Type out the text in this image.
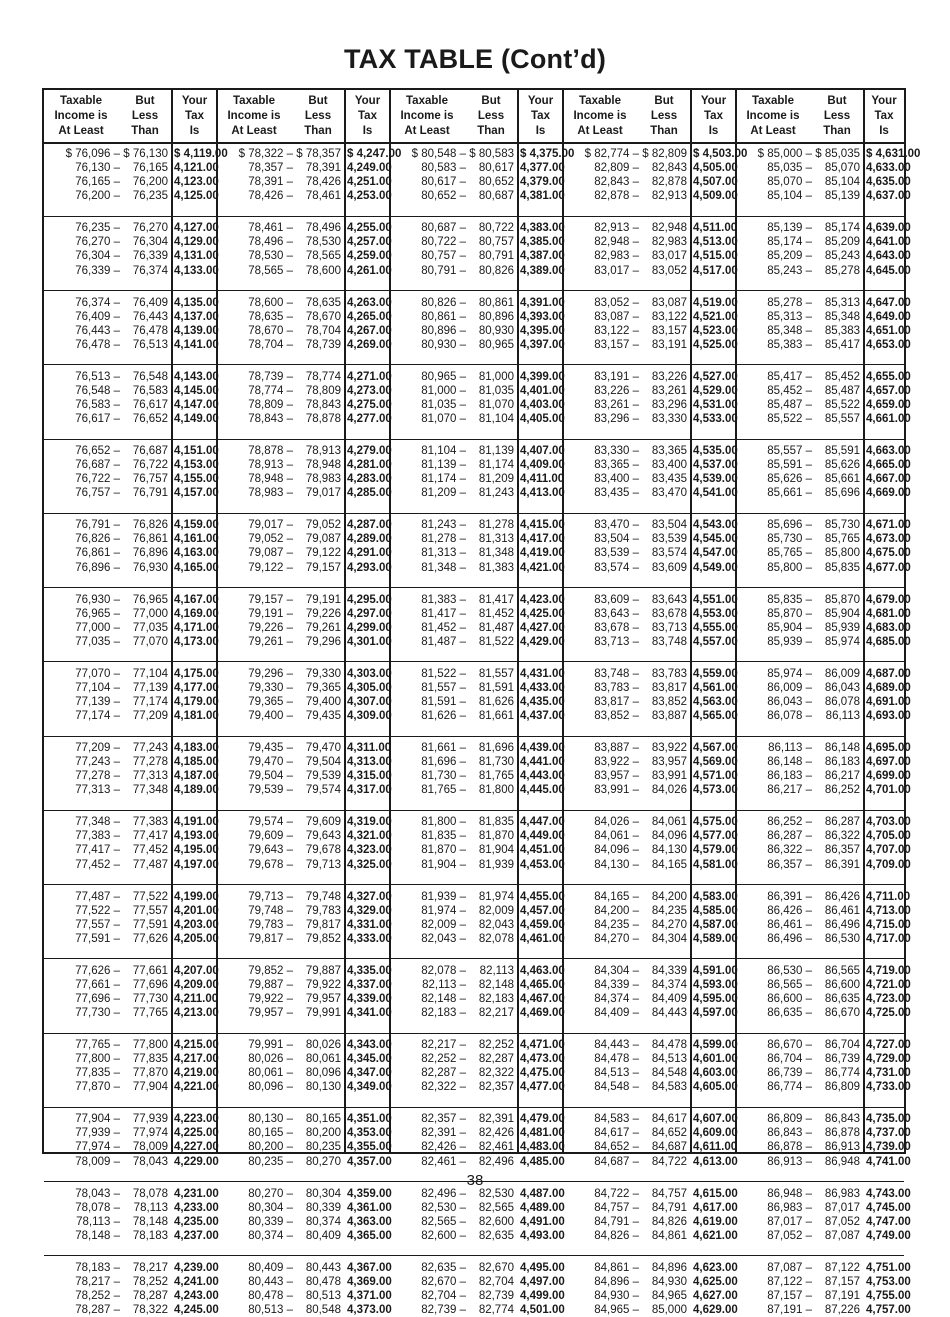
TAX TABLE (Cont’d)
Taxable
Income is
At Least
But
Less
Than
Your
Tax
Is
$ 76,096 – $ 76,130 $ 4,119.00
76,130 –	76,165 4,121.00
76,165 –	76,200 4,123.00
76,200 –	76,235 4,125.00
76,235 –	76,270 4,127.00
76,270 –	76,304 4,129.00
76,304 –	76,339 4,131.00
76,339 –	76,374 4,133.00
76,374 –	76,409 4,135.00
76,409 –	76,443 4,137.00
76,443 –	76,478 4,139.00
76,478 –	76,513 4,141.00
76,513 –	76,548 4,143.00
76,548 –	76,583 4,145.00
76,583 –	76,617 4,147.00
76,617 –	76,652 4,149.00
76,652 –	76,687 4,151.00
76,687 –	76,722 4,153.00
76,722 –	76,757 4,155.00
76,757 –	76,791 4,157.00
76,791 –	76,826 4,159.00
76,826 –	76,861 4,161.00
76,861 –	76,896 4,163.00
76,896 –	76,930 4,165.00
76,930 –	76,965 4,167.00
76,965 –	77,000 4,169.00
77,000 –	77,035 4,171.00
77,035 –	77,070 4,173.00
77,070 –	77,104 4,175.00
77,104 –	77,139 4,177.00
77,139 –	77,174 4,179.00
77,174 –	77,209 4,181.00
77,209 –	77,243 4,183.00
77,243 –	77,278 4,185.00
77,278 –	77,313 4,187.00
77,313 –	77,348 4,189.00
77,348 –	77,383 4,191.00
77,383 –	77,417 4,193.00
77,417 –	77,452 4,195.00
77,452 –	77,487 4,197.00
77,487 –	77,522 4,199.00
77,522 –	77,557 4,201.00
77,557 –	77,591 4,203.00
77,591 –	77,626 4,205.00
77,626 –	77,661 4,207.00
77,661 –	77,696 4,209.00
77,696 –	77,730 4,211.00
77,730 –	77,765 4,213.00
77,765 –	77,800 4,215.00
77,800 –	77,835 4,217.00
77,835 –	77,870 4,219.00
77,870 –	77,904 4,221.00
77,904 –	77,939 4,223.00
77,939 –	77,974 4,225.00
77,974 –	78,009 4,227.00
78,009 –	78,043 4,229.00
78,043 –	78,078 4,231.00
78,078 –	78,113 4,233.00
78,113 –	78,148 4,235.00
78,148 –	78,183 4,237.00
78,183 –	78,217 4,239.00
78,217 –	78,252 4,241.00
78,252 –	78,287 4,243.00
78,287 –	78,322 4,245.00
Taxable
Income is
At Least
But
Less
Than
Your
Tax
Is
$ 78,322 – $ 78,357 $ 4,247.00
78,357 –	78,391 4,249.00
78,391 –	78,426 4,251.00
78,426 –	78,461 4,253.00
78,461 –	78,496 4,255.00
78,496 –	78,530 4,257.00
78,530 –	78,565 4,259.00
78,565 –	78,600 4,261.00
78,600 –	78,635 4,263.00
78,635 –	78,670 4,265.00
78,670 –	78,704 4,267.00
78,704 –	78,739 4,269.00
78,739 –	78,774 4,271.00
78,774 –	78,809 4,273.00
78,809 –	78,843 4,275.00
78,843 –	78,878 4,277.00
78,878 –	78,913 4,279.00
78,913 –	78,948 4,281.00
78,948 –	78,983 4,283.00
78,983 –	79,017 4,285.00
79,017 –	79,052 4,287.00
79,052 –	79,087 4,289.00
79,087 –	79,122 4,291.00
79,122 –	79,157 4,293.00
79,157 –	79,191 4,295.00
79,191 –	79,226 4,297.00
79,226 –	79,261 4,299.00
79,261 –	79,296 4,301.00
79,296 –	79,330 4,303.00
79,330 –	79,365 4,305.00
79,365 –	79,400 4,307.00
79,400 –	79,435 4,309.00
79,435 –	79,470 4,311.00
79,470 –	79,504 4,313.00
79,504 –	79,539 4,315.00
79,539 –	79,574 4,317.00
79,574 –	79,609 4,319.00
79,609 –	79,643 4,321.00
79,643 –	79,678 4,323.00
79,678 –	79,713 4,325.00
79,713 –	79,748 4,327.00
79,748 –	79,783 4,329.00
79,783 –	79,817 4,331.00
79,817 –	79,852 4,333.00
79,852 –	79,887 4,335.00
79,887 –	79,922 4,337.00
79,922 –	79,957 4,339.00
79,957 –	79,991 4,341.00
79,991 –	80,026 4,343.00
80,026 –	80,061 4,345.00
80,061 –	80,096 4,347.00
80,096 –	80,130 4,349.00
80,130 –	80,165 4,351.00
80,165 –	80,200 4,353.00
80,200 –	80,235 4,355.00
80,235 –	80,270 4,357.00
80,270 –	80,304 4,359.00
80,304 –	80,339 4,361.00
80,339 –	80,374 4,363.00
80,374 –	80,409 4,365.00
80,409 –	80,443 4,367.00
80,443 –	80,478 4,369.00
80,478 –	80,513 4,371.00
80,513 –	80,548 4,373.00
Taxable
Income is
At Least
But
Less
Than
Your
Tax
Is
$ 80,548 – $ 80,583 $ 4,375.00
80,583 –	80,617 4,377.00
80,617 –	80,652 4,379.00
80,652 –	80,687 4,381.00
80,687 –	80,722 4,383.00
80,722 –	80,757 4,385.00
80,757 –	80,791 4,387.00
80,791 –	80,826 4,389.00
80,826 –	80,861 4,391.00
80,861 –	80,896 4,393.00
80,896 –	80,930 4,395.00
80,930 –	80,965 4,397.00
80,965 –	81,000 4,399.00
81,000 –	81,035 4,401.00
81,035 –	81,070 4,403.00
81,070 –	81,104 4,405.00
81,104 –	81,139 4,407.00
81,139 –	81,174 4,409.00
81,174 –	81,209 4,411.00
81,209 –	81,243 4,413.00
81,243 –	81,278 4,415.00
81,278 –	81,313 4,417.00
81,313 –	81,348 4,419.00
81,348 –	81,383 4,421.00
81,383 –	81,417 4,423.00
81,417 –	81,452 4,425.00
81,452 –	81,487 4,427.00
81,487 –	81,522 4,429.00
81,522 –	81,557 4,431.00
81,557 –	81,591 4,433.00
81,591 –	81,626 4,435.00
81,626 –	81,661 4,437.00
81,661 –	81,696 4,439.00
81,696 –	81,730 4,441.00
81,730 –	81,765 4,443.00
81,765 –	81,800 4,445.00
81,800 –	81,835 4,447.00
81,835 –	81,870 4,449.00
81,870 –	81,904 4,451.00
81,904 –	81,939 4,453.00
81,939 –	81,974 4,455.00
81,974 –	82,009 4,457.00
82,009 –	82,043 4,459.00
82,043 –	82,078 4,461.00
82,078 –	82,113 4,463.00
82,113 –	82,148 4,465.00
82,148 –	82,183 4,467.00
82,183 –	82,217 4,469.00
82,217 –	82,252 4,471.00
82,252 –	82,287 4,473.00
82,287 –	82,322 4,475.00
82,322 –	82,357 4,477.00
82,357 –	82,391 4,479.00
82,391 –	82,426 4,481.00
82,426 –	82,461 4,483.00
82,461 –	82,496 4,485.00
82,496 –	82,530 4,487.00
82,530 –	82,565 4,489.00
82,565 –	82,600 4,491.00
82,600 –	82,635 4,493.00
82,635 –	82,670 4,495.00
82,670 –	82,704 4,497.00
82,704 –	82,739 4,499.00
82,739 –	82,774 4,501.00
Taxable
Income is
At Least
But
Less
Than
Your
Tax
Is
$ 82,774 – $ 82,809 $ 4,503.00
82,809 –	82,843 4,505.00
82,843 –	82,878 4,507.00
82,878 –	82,913 4,509.00
82,913 –	82,948 4,511.00
82,948 –	82,983 4,513.00
82,983 –	83,017 4,515.00
83,017 –	83,052 4,517.00
83,052 –	83,087 4,519.00
83,087 –	83,122 4,521.00
83,122 –	83,157 4,523.00
83,157 –	83,191 4,525.00
83,191 –	83,226 4,527.00
83,226 –	83,261 4,529.00
83,261 –	83,296 4,531.00
83,296 –	83,330 4,533.00
83,330 –	83,365 4,535.00
83,365 –	83,400 4,537.00
83,400 –	83,435 4,539.00
83,435 –	83,470 4,541.00
83,470 –	83,504 4,543.00
83,504 –	83,539 4,545.00
83,539 –	83,574 4,547.00
83,574 –	83,609 4,549.00
83,609 –	83,643 4,551.00
83,643 –	83,678 4,553.00
83,678 –	83,713 4,555.00
83,713 –	83,748 4,557.00
83,748 –	83,783 4,559.00
83,783 –	83,817 4,561.00
83,817 –	83,852 4,563.00
83,852 –	83,887 4,565.00
83,887 –	83,922 4,567.00
83,922 –	83,957 4,569.00
83,957 –	83,991 4,571.00
83,991 –	84,026 4,573.00
84,026 –	84,061 4,575.00
84,061 –	84,096 4,577.00
84,096 –	84,130 4,579.00
84,130 –	84,165 4,581.00
84,165 –	84,200 4,583.00
84,200 –	84,235 4,585.00
84,235 –	84,270 4,587.00
84,270 –	84,304 4,589.00
84,304 –	84,339 4,591.00
84,339 –	84,374 4,593.00
84,374 –	84,409 4,595.00
84,409 –	84,443 4,597.00
84,443 –	84,478 4,599.00
84,478 –	84,513 4,601.00
84,513 –	84,548 4,603.00
84,548 –	84,583 4,605.00
84,583 –	84,617 4,607.00
84,617 –	84,652 4,609.00
84,652 –	84,687 4,611.00
84,687 –	84,722 4,613.00
84,722 –	84,757 4,615.00
84,757 –	84,791 4,617.00
84,791 –	84,826 4,619.00
84,826 –	84,861 4,621.00
84,861 –	84,896 4,623.00
84,896 –	84,930 4,625.00
84,930 –	84,965 4,627.00
84,965 –	85,000 4,629.00
Taxable
Income is
At Least
But
Less
Than
Your
Tax
Is
$ 85,000 – $ 85,035 $ 4,631.00
85,035 –	85,070 4,633.00
85,070 –	85,104 4,635.00
85,104 –	85,139 4,637.00
85,139 –	85,174 4,639.00
85,174 –	85,209 4,641.00
85,209 –	85,243 4,643.00
85,243 –	85,278 4,645.00
85,278 –	85,313 4,647.00
85,313 –	85,348 4,649.00
85,348 –	85,383 4,651.00
85,383 –	85,417 4,653.00
85,417 –	85,452 4,655.00
85,452 –	85,487 4,657.00
85,487 –	85,522 4,659.00
85,522 –	85,557 4,661.00
85,557 –	85,591 4,663.00
85,591 –	85,626 4,665.00
85,626 –	85,661 4,667.00
85,661 –	85,696 4,669.00
85,696 –	85,730 4,671.00
85,730 –	85,765 4,673.00
85,765 –	85,800 4,675.00
85,800 –	85,835 4,677.00
85,835 –	85,870 4,679.00
85,870 –	85,904 4,681.00
85,904 –	85,939 4,683.00
85,939 –	85,974 4,685.00
85,974 –	86,009 4,687.00
86,009 –	86,043 4,689.00
86,043 –	86,078 4,691.00
86,078 –	86,113 4,693.00
86,113 –	86,148 4,695.00
86,148 –	86,183 4,697.00
86,183 –	86,217 4,699.00
86,217 –	86,252 4,701.00
86,252 –	86,287 4,703.00
86,287 –	86,322 4,705.00
86,322 –	86,357 4,707.00
86,357 –	86,391 4,709.00
86,391 –	86,426 4,711.00
86,426 –	86,461 4,713.00
86,461 –	86,496 4,715.00
86,496 –	86,530 4,717.00
86,530 –	86,565 4,719.00
86,565 –	86,600 4,721.00
86,600 –	86,635 4,723.00
86,635 –	86,670 4,725.00
86,670 –	86,704 4,727.00
86,704 –	86,739 4,729.00
86,739 –	86,774 4,731.00
86,774 –	86,809 4,733.00
86,809 –	86,843 4,735.00
86,843 –	86,878 4,737.00
86,878 –	86,913 4,739.00
86,913 –	86,948 4,741.00
86,948 –	86,983 4,743.00
86,983 –	87,017 4,745.00
87,017 –	87,052 4,747.00
87,052 –	87,087 4,749.00
87,087 –	87,122 4,751.00
87,122 –	87,157 4,753.00
87,157 –	87,191 4,755.00
87,191 –	87,226 4,757.00
38
